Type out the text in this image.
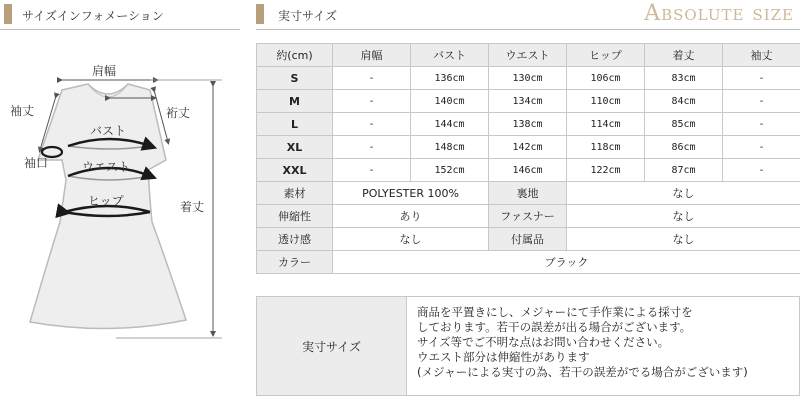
サイズインフォメーション
肩幅
袖丈	裄丈
バスト
袖口	ウエスト
ヒップ	着丈
実寸サイズ	Absolute size
約(cm)	肩幅	バスト	ウエスト	ヒップ	着丈	袖丈
S	-	136cm	130cm	106cm	83cm	-
M	-	140cm	134cm	110cm	84cm	-
L	-	144cm	138cm	114cm	85cm	-
XL	-	148cm	142cm	118cm	86cm	-
XXL	-	152cm	146cm	122cm	87cm	-
素材	POLYESTER 100%		裏地	なし		
伸縮性	あり		ファスナー	なし		
透け感	なし		付属品	なし		
カラー	ブラック					
実寸サイズ
商品を平置きにし、メジャーにて手作業による採寸を
しております。若干の誤差が出る場合がございます。
サイズ等でご不明な点はお問い合わせください。
ウエスト部分は伸縮性があります
(メジャーによる実寸の為、若干の誤差がでる場合がございます)
